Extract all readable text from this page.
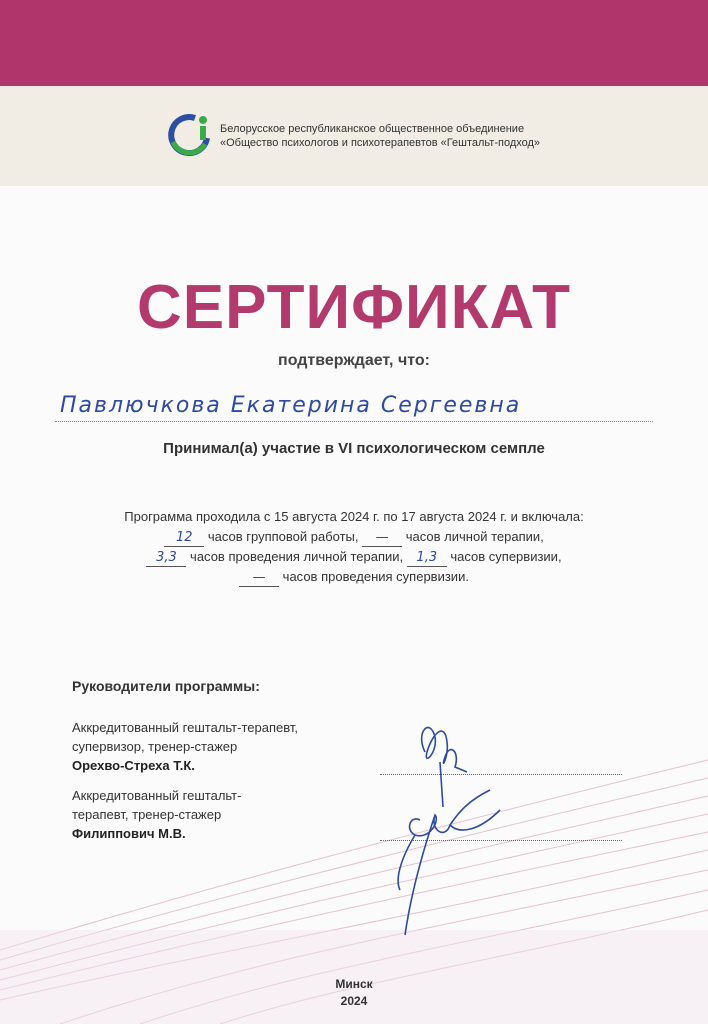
Белорусское республиканское общественное объединение
«Общество психологов и психотерапевтов «Гештальт-подход»
СЕРТИФИКАТ
подтверждает, что:
Павлючкова Екатерина Сергеевна
Принимал(а) участие в VI психологическом семпле
Программа проходила с 15 августа 2024 г. по 17 августа 2024 г. и включала:
12 часов групповой работы, — часов личной терапии,
3,3 часов проведения личной терапии, 1,3 часов супервизии,
— часов проведения супервизии.
Руководители программы:
Аккредитованный гештальт-терапевт,
супервизор, тренер-стажер
Орехво-Стреха Т.К.
Аккредитованный гештальт-
терапевт, тренер-стажер
Филиппович М.В.
Минск
2024
